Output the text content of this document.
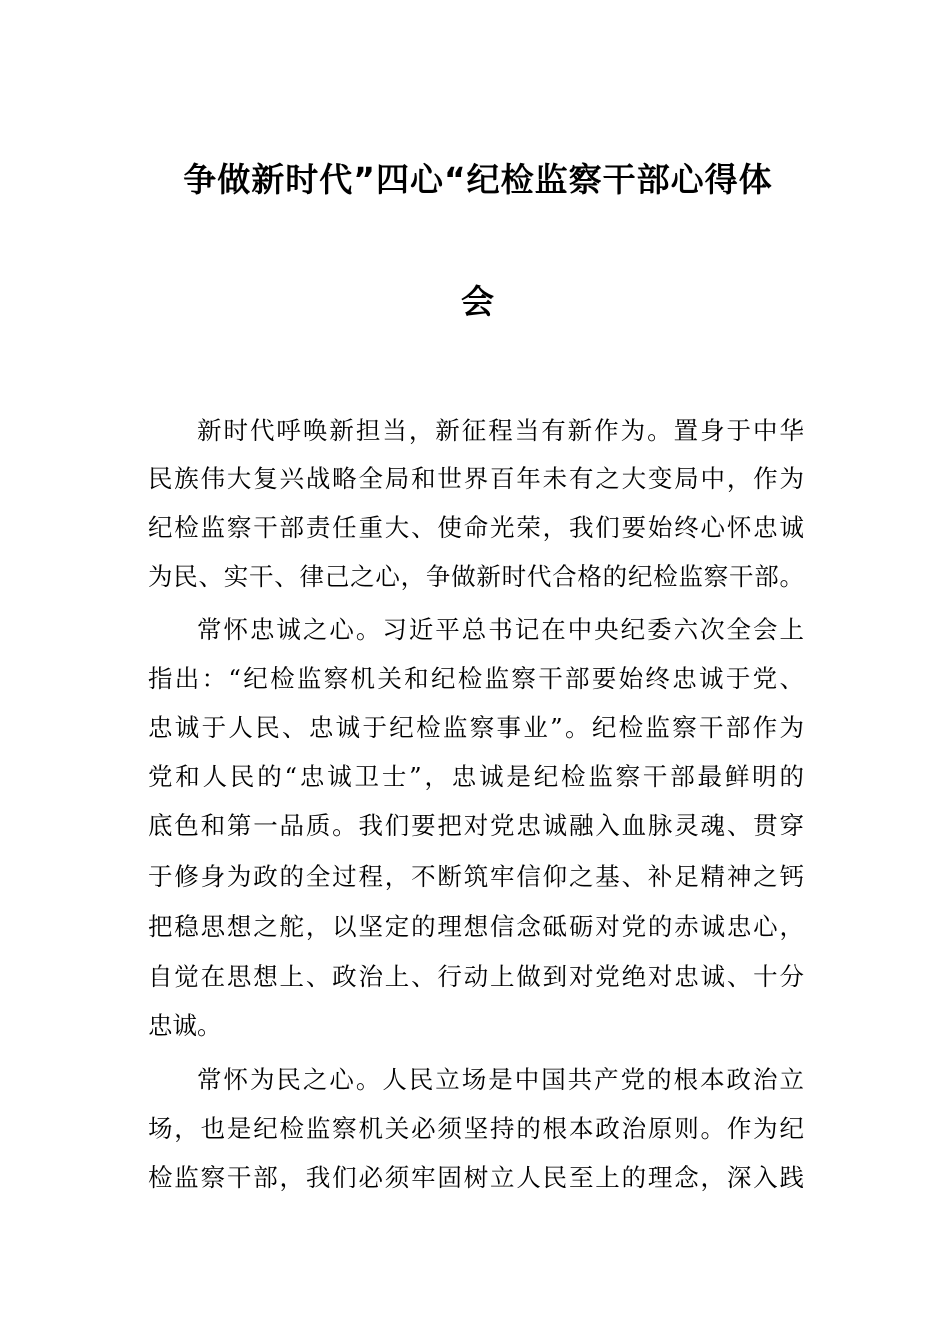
争做新时代”四心“纪检监察干部心得体
会
新时代呼唤新担当，新征程当有新作为。置身于中华
民族伟大复兴战略全局和世界百年未有之大变局中，作为
纪检监察干部责任重大、使命光荣，我们要始终心怀忠诚
为民、实干、律己之心，争做新时代合格的纪检监察干部。
常怀忠诚之心。习近平总书记在中央纪委六次全会上
指出：“纪检监察机关和纪检监察干部要始终忠诚于党、
忠诚于人民、忠诚于纪检监察事业”。纪检监察干部作为
党和人民的“忠诚卫士”，忠诚是纪检监察干部最鲜明的
底色和第一品质。我们要把对党忠诚融入血脉灵魂、贯穿
于修身为政的全过程，不断筑牢信仰之基、补足精神之钙
把稳思想之舵，以坚定的理想信念砥砺对党的赤诚忠心，
自觉在思想上、政治上、行动上做到对党绝对忠诚、十分
忠诚。
常怀为民之心。人民立场是中国共产党的根本政治立
场，也是纪检监察机关必须坚持的根本政治原则。作为纪
检监察干部，我们必须牢固树立人民至上的理念，深入践
